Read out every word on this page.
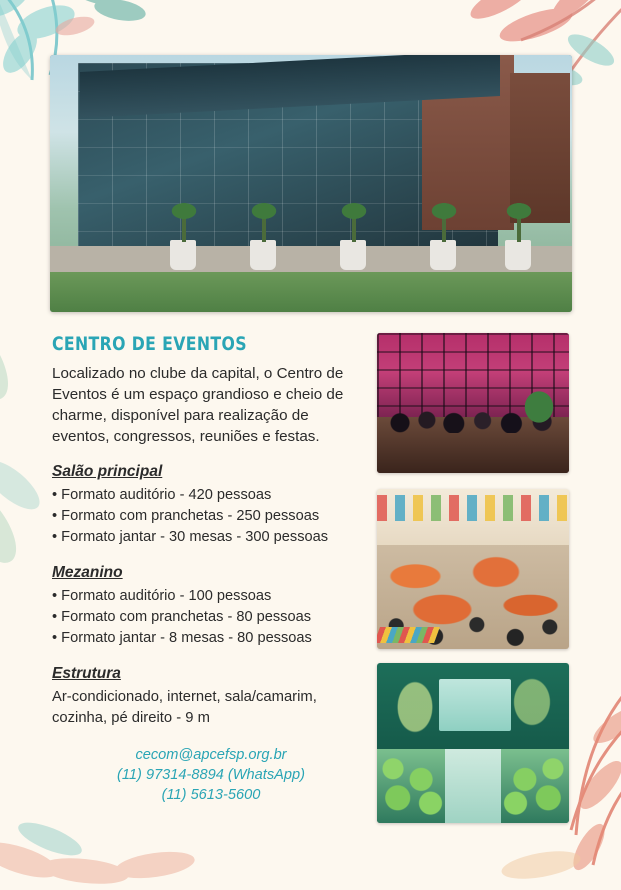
CENTRO DE EVENTOS

Localizado no clube da capital, o Centro de Eventos é um espaço grandioso e cheio de charme, disponível para realização de eventos, congressos, reuniões e festas.

Salão principal
• Formato auditório - 420 pessoas
• Formato com pranchetas - 250 pessoas
• Formato jantar - 30 mesas - 300 pessoas
Mezanino
• Formato auditório - 100 pessoas
• Formato com pranchetas - 80 pessoas
• Formato jantar - 8 mesas - 80 pessoas
Estrutura

Ar-condicionado, internet, sala/camarim, cozinha, pé direito - 9 m

cecom@apcefsp.org.br
(11) 97314-8894 (WhatsApp)
(11) 5613-5600
